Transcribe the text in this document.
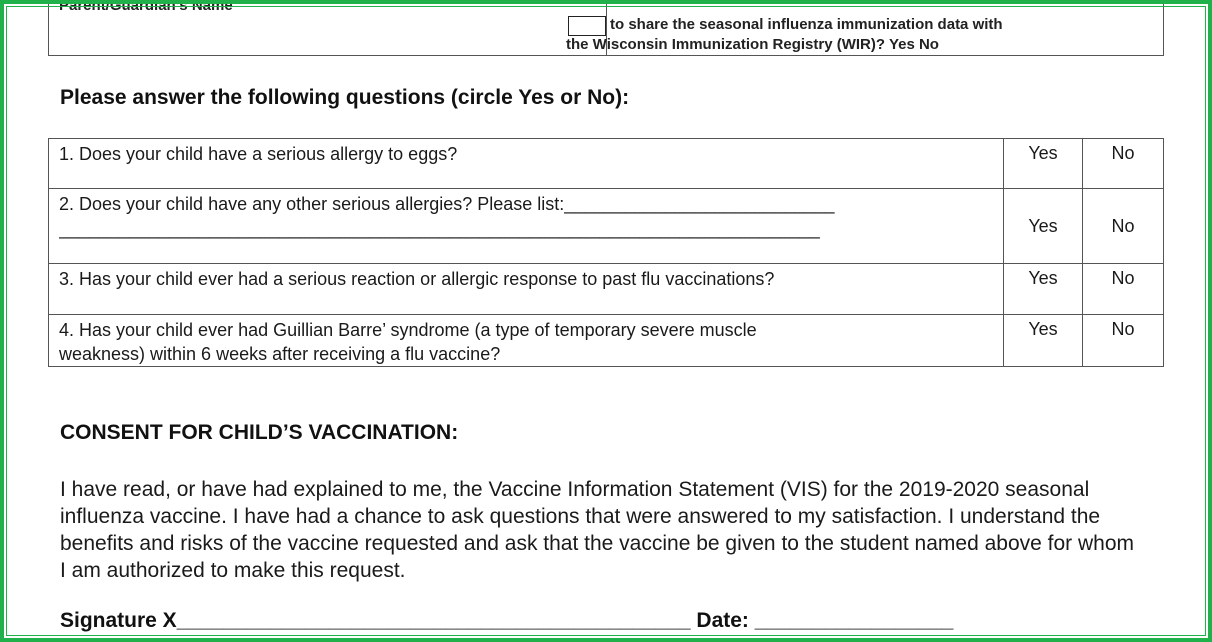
Parent/Guardian’s Name
to share the seasonal influenza immunization data with
the Wisconsin Immunization Registry (WIR)? Yes No
Please answer the following questions (circle Yes or No):
1. Does your child have a serious allergy to eggs?	Yes	No

2. Does your child have any other serious allergies? Please list:___________________________
____________________________________________________________________________	Yes	No
3. Has your child ever had a serious reaction or allergic response to past flu vaccinations?	Yes	No

4. Has your child ever had Guillian Barre’ syndrome (a type of temporary severe muscle
weakness) within 6 weeks after receiving a flu vaccine?	Yes	No
CONSENT FOR CHILD’S VACCINATION:
I have read, or have had explained to me, the Vaccine Information Statement (VIS) for the 2019-2020 seasonal influenza vaccine. I have had a chance to ask questions that were answered to my satisfaction. I understand the benefits and risks of the vaccine requested and ask that the vaccine be given to the student named above for whom I am authorized to make this request.
Signature X____________________________________________ Date: _________________
